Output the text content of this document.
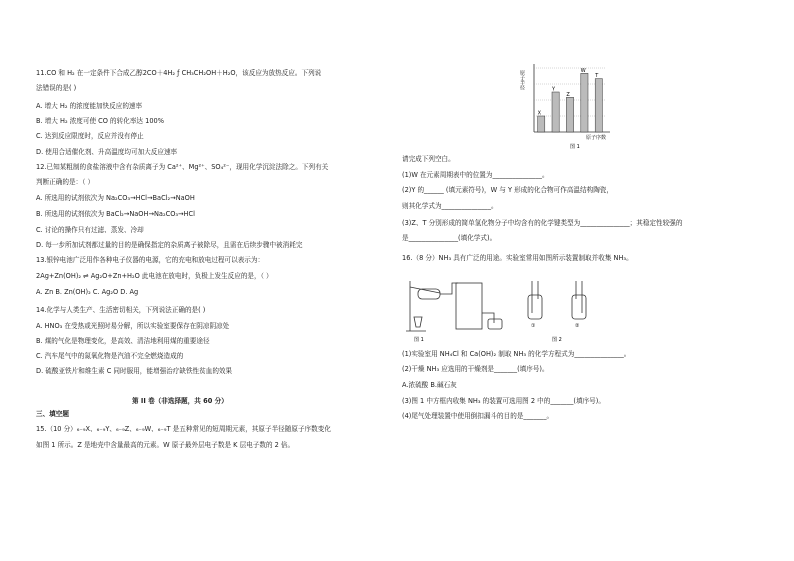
11.CO 和 H₂ 在一定条件下合成乙醇2CO＋4H₂ ƒ CH₃CH₂OH＋H₂O，该反应为放热反应。下列说
法错误的是( )
A. 增大 H₂ 的浓度能加快反应的速率
B. 增大 H₂ 浓度可使 CO 的转化率达 100%
C. 达到反应限度时，反应并没有停止
D. 使用合适催化剂、升高温度均可加大反应速率
12.已知某粗制的食盐溶液中含有杂质离子为 Ca²⁺、Mg²⁺、SO₄²⁻，现用化学沉淀法除之。下列有关
判断正确的是：（ ）
A. 所选用的试剂依次为 Na₂CO₃→HCl→BaCl₂→NaOH
B. 所选用的试剂依次为 BaCl₂→NaOH→Na₂CO₃→HCl
C. 讨论的操作只有过滤、蒸发、冷却
D. 每一步所加试剂都过量的目的是确保指定的杂质离子被除尽，且需在后续步骤中被消耗完
13.银锌电池广泛用作各种电子仪器的电源，它的充电和放电过程可以表示为：
2Ag+Zn(OH)₂ ⇌ Ag₂O+Zn+H₂O 此电池在放电时，负极上发生反应的是，（ ）
A. Zn B. Zn(OH)₂ C. Ag₂O D. Ag
14.化学与人类生产、生活密切相关，下列说法正确的是( )
A. HNO₃ 在受热或光照时易分解，所以实验室要保存在阴凉阴凉处
B. 煤的气化是物理变化，是高效、清洁地利用煤的重要途径
C. 汽车尾气中的氮氧化物是汽油不完全燃烧造成的
D. 硫酸亚铁片和维生素 C 同时服用，能增强治疗缺铁性贫血的效果
第 II 卷（非选择题，共 60 分）
三、填空题
15.（10 分）₆₋₉X、₆₋₉Y、₆₋₉Z、₆₋₉W、₆₋₉T 是五种常见的短周期元素，其原子半径随原子序数变化
如图 1 所示。Z 是地壳中含量最高的元素。W 原子最外层电子数是 K 层电子数的 2 倍。
X
Y
Z
W
T
原子半径
原子序数
图 1
请完成下列空白。
(1)W 在元素周期表中的位置为_______________。
(2)Y 的______ (填元素符号)，W 与 Y 形成的化合物可作高温结构陶瓷，
则其化学式为_______________。
(3)Z、T 分别形成的简单氢化物分子中均含有的化学键类型为_______________；其稳定性较强的
是_______________(填化学式)。
16.（8 分）NH₃ 具有广泛的用途。实验室常用如图所示装置制取并收集 NH₃。
图 1
①	②
图 2
(1)实验室用 NH₄Cl 和 Ca(OH)₂ 制取 NH₃ 的化学方程式为_______________。
(2)干燥 NH₃ 应选用的干燥剂是_______(填序号)。
A.浓硫酸 B.碱石灰
(3)图 1 中方框内收集 NH₃ 的装置可选用图 2 中的_______(填序号)。
(4)尾气处理装置中使用倒扣漏斗的目的是_______。
